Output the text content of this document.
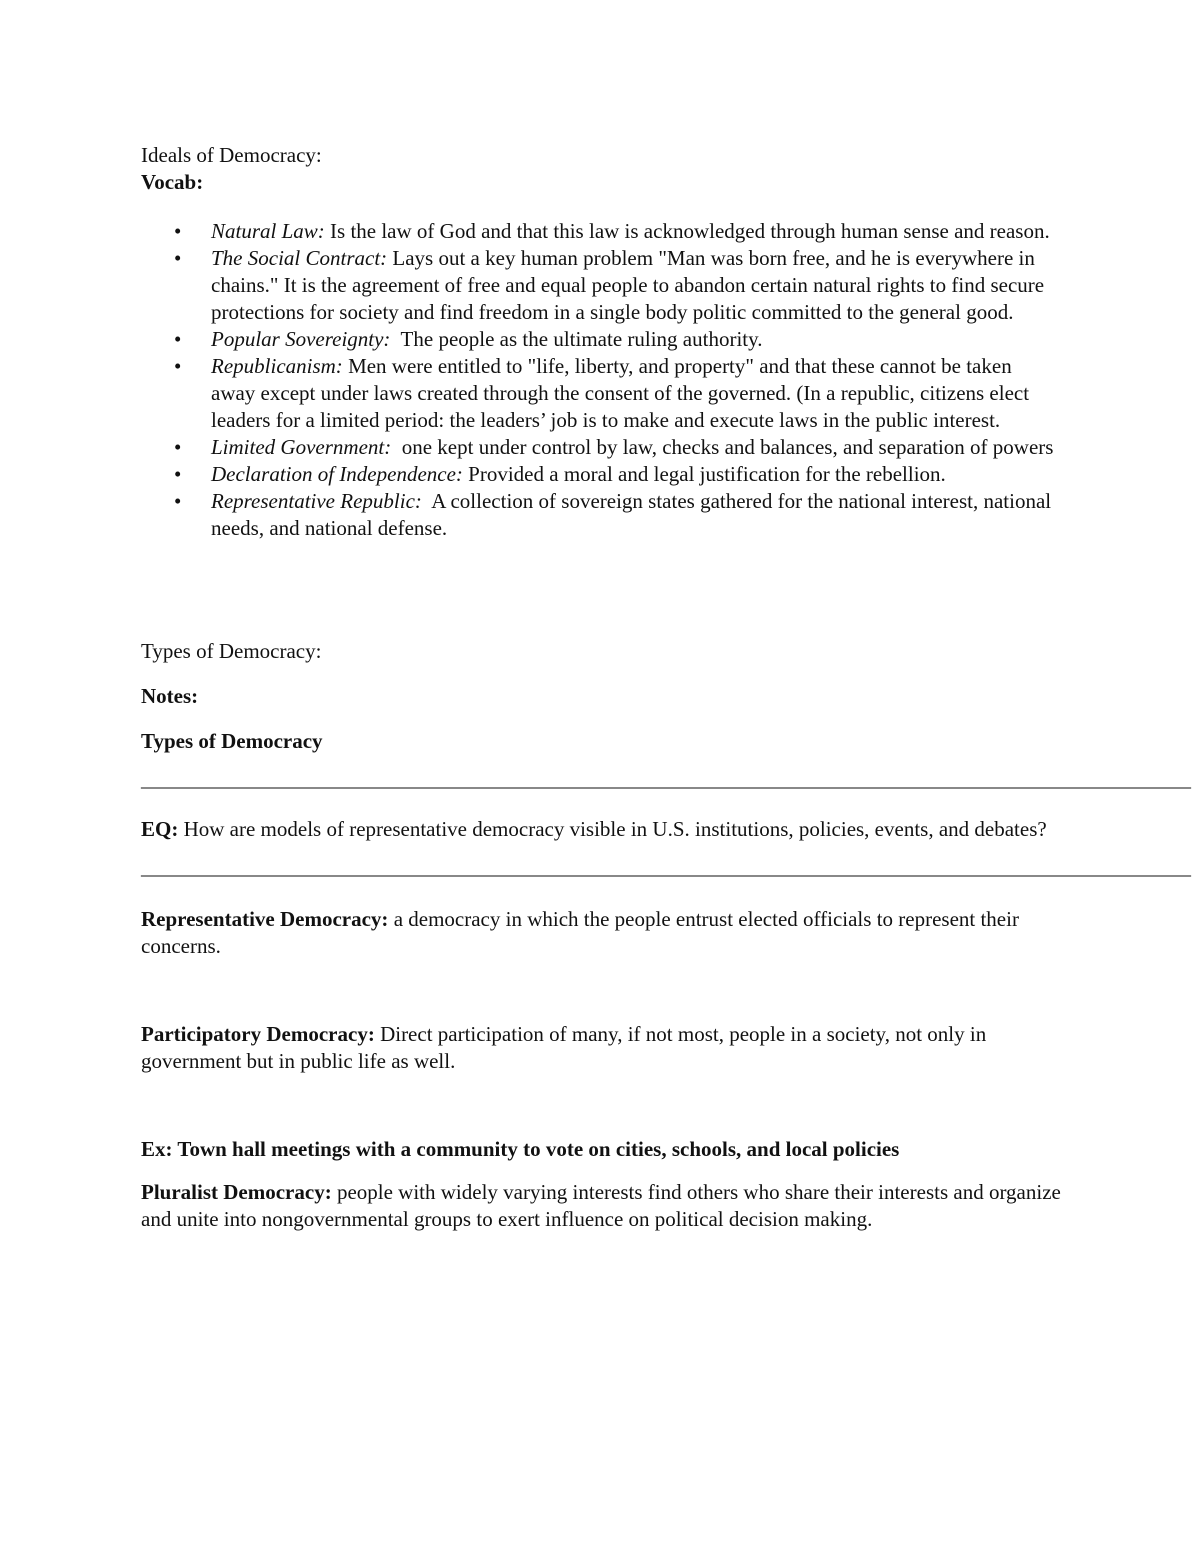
Ideals of Democracy:

Vocab:

• Natural Law: Is the law of God and that this law is acknowledged through human sense and reason.
• The Social Contract: Lays out a key human problem "Man was born free, and he is everywhere in chains." It is the agreement of free and equal people to abandon certain natural rights to find secure protections for society and find freedom in a single body politic committed to the general good.
• Popular Sovereignty:  The people as the ultimate ruling authority.
• Republicanism: Men were entitled to "life, liberty, and property" and that these cannot be taken away except under laws created through the consent of the governed. (In a republic, citizens elect leaders for a limited period: the leaders’ job is to make and execute laws in the public interest.
• Limited Government:  one kept under control by law, checks and balances, and separation of powers
• Declaration of Independence: Provided a moral and legal justification for the rebellion.
• Representative Republic:  A collection of sovereign states gathered for the national interest, national needs, and national defense.

Types of Democracy:

Notes:

Types of Democracy

——————————————————————————————————————————————————

EQ: How are models of representative democracy visible in U.S. institutions, policies, events, and debates?

——————————————————————————————————————————————————

Representative Democracy: a democracy in which the people entrust elected officials to represent their concerns.

Participatory Democracy: Direct participation of many, if not most, people in a society, not only in government but in public life as well.

Ex: Town hall meetings with a community to vote on cities, schools, and local policies

Pluralist Democracy: people with widely varying interests find others who share their interests and organize and unite into nongovernmental groups to exert influence on political decision making.
